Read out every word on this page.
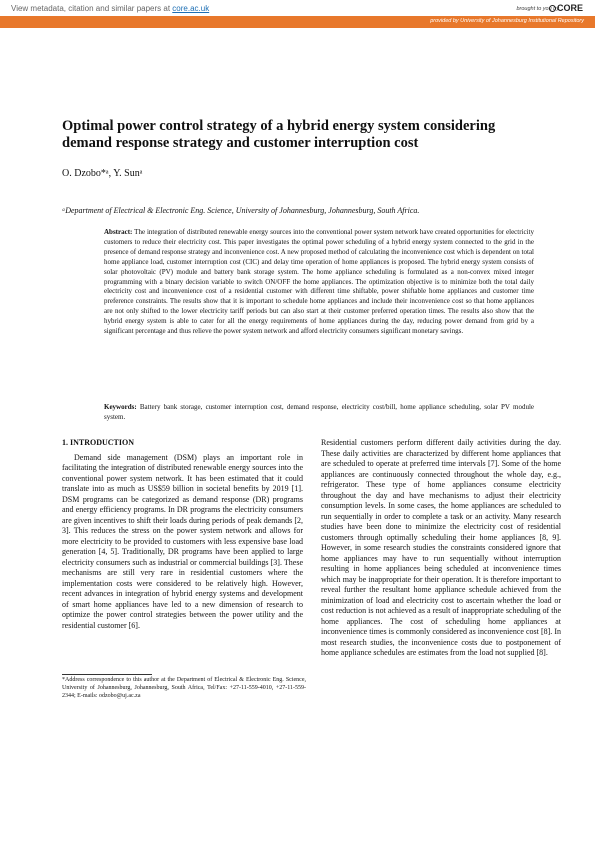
View metadata, citation and similar papers at core.ac.uk	brought to you by
CORE
provided by University of Johannesburg Institutional Repository
Optimal power control strategy of a hybrid energy system considering demand response strategy and customer interruption cost
O. Dzobo*ᵃ, Y. Sunᵃ
ᵃDepartment of Electrical & Electronic Eng. Science, University of Johannesburg, Johannesburg, South Africa.
Abstract: The integration of distributed renewable energy sources into the conventional power system network have created opportunities for electricity customers to reduce their electricity cost. This paper investigates the optimal power scheduling of a hybrid energy system connected to the grid in the presence of demand response strategy and inconvenience cost. A new proposed method of calculating the inconvenience cost which is dependent on total home appliance load, customer interruption cost (CIC) and delay time operation of home appliances is proposed. The hybrid energy system consists of solar photovoltaic (PV) module and battery bank storage system. The home appliance scheduling is formulated as a non-convex mixed integer programming with a binary decision variable to switch ON/OFF the home appliances. The optimization objective is to minimize both the total daily electricity cost and inconvenience cost of a residential customer with different time shiftable, power shiftable home appliances and customer time preference constraints. The results show that it is important to schedule home appliances and include their inconvenience cost so that home appliances are not only shifted to the lower electricity tariff periods but can also start at their customer preferred operation times. The results also show that the hybrid energy system is able to cater for all the energy requirements of home appliances during the day, reducing power demand from grid by a significant percentage and thus relieve the power system network and afford electricity consumers significant monetary savings.
Keywords: Battery bank storage, customer interruption cost, demand response, electricity cost/bill, home appliance scheduling, solar PV module system.
1. INTRODUCTION
Demand side management (DSM) plays an important role in facilitating the integration of distributed renewable energy sources into the conventional power system network. It has been estimated that it could translate into as much as US$59 billion in societal benefits by 2019 [1]. DSM programs can be categorized as demand response (DR) programs and energy efficiency programs. In DR programs the electricity consumers are given incentives to shift their loads during periods of peak demands [2, 3]. This reduces the stress on the power system network and allows for more electricity to be provided to customers with less expensive base load generation [4, 5]. Traditionally, DR programs have been applied to large electricity consumers such as industrial or commercial buildings [3]. These mechanisms are still very rare in residential customers where the implementation costs were considered to be relatively high. However, recent advances in integration of hybrid energy systems and development of smart home appliances have led to a new dimension of research to optimize the power control strategies between the power utility and the residential customer [6].
*Address correspondence to this author at the Department of Electrical & Electronic Eng. Science, University of Johannesburg, Johannesburg, South Africa, Tel/Fax: +27-11-559-4010, +27-11-559-2344; E-mails: odzobo@uj.ac.za
Residential customers perform different daily activities during the day. These daily activities are characterized by different home appliances that are scheduled to operate at preferred time intervals [7]. Some of the home appliances are continuously connected throughout the whole day, e.g., refrigerator. These type of home appliances consume electricity throughout the day and have mechanisms to adjust their electricity consumption levels. In some cases, the home appliances are scheduled to run sequentially in order to complete a task or an activity. Many research studies have been done to minimize the electricity cost of residential customers through optimally scheduling their home appliances [8, 9]. However, in some research studies the constraints considered ignore that home appliances may have to run sequentially without interruption resulting in home appliances being scheduled at inconvenience times which may be inappropriate for their operation. It is therefore important to reveal further the resultant home appliance schedule achieved from the minimization of load and electricity cost to ascertain whether the load or cost reduction is not achieved as a result of inappropriate scheduling of the home appliances. The cost of scheduling home appliances at inconvenience times is commonly considered as inconvenience cost [8]. In most research studies, the inconvenience costs due to postponement of home appliance schedules are estimates from the load not supplied [8].
